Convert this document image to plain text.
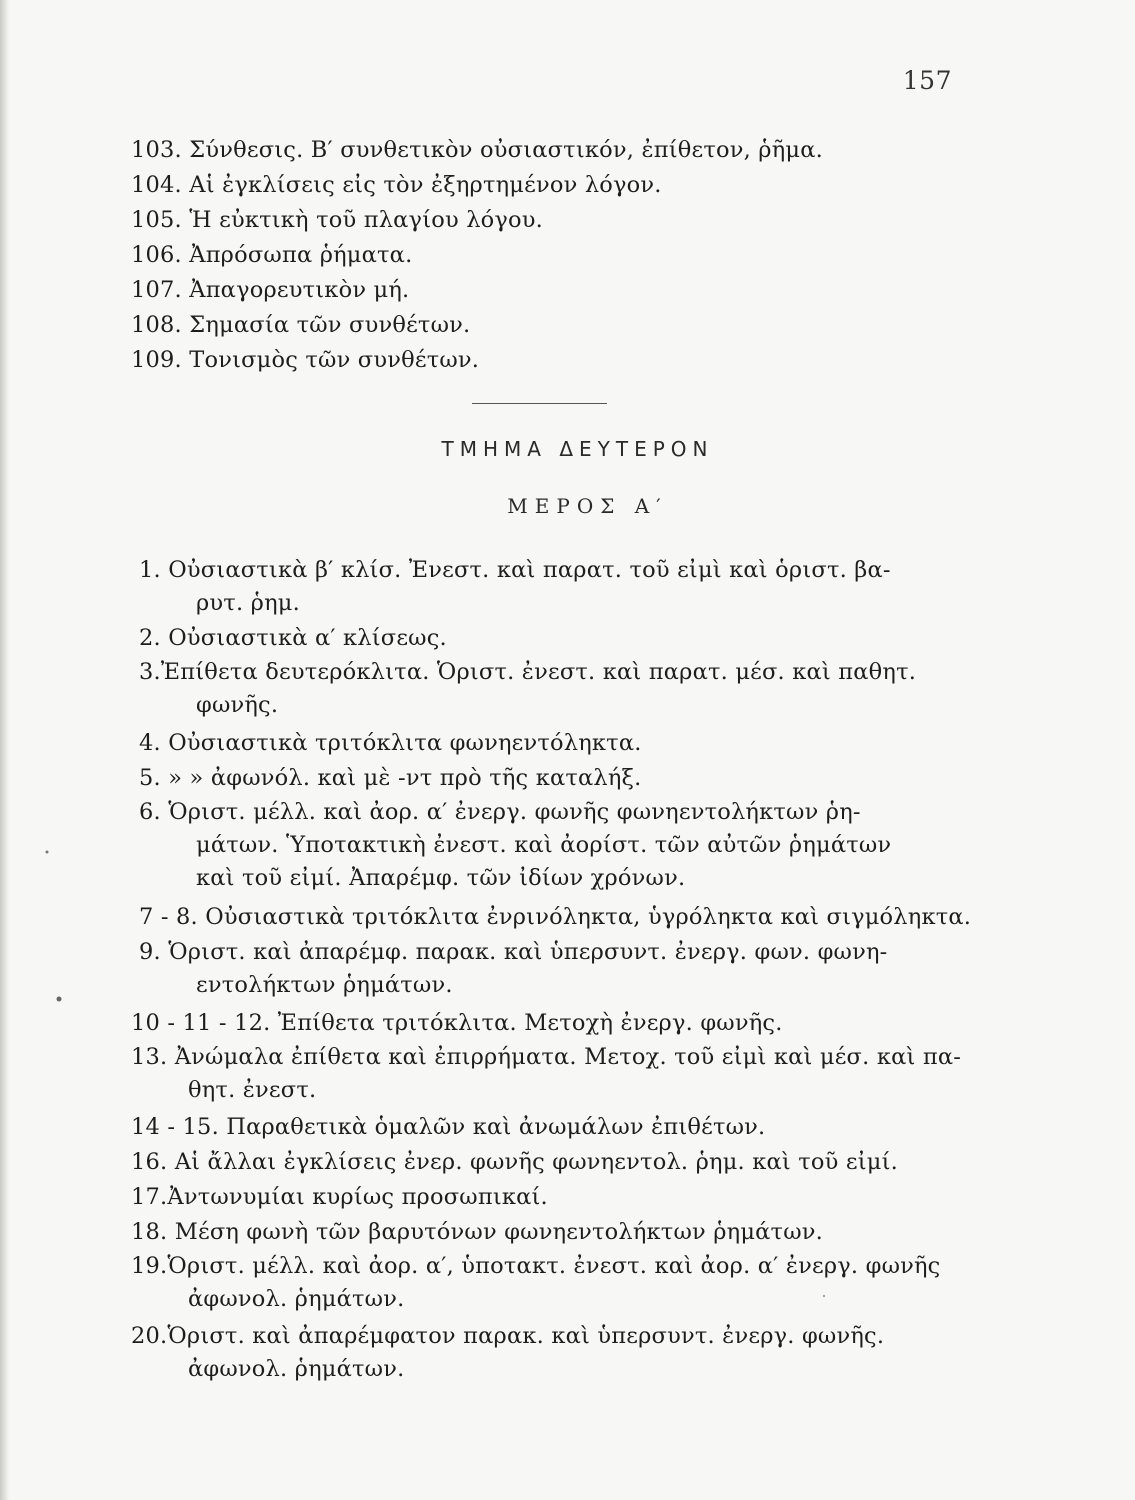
157
103. Σύνθεσις. Β′ συνθετικὸν οὐσιαστικόν, ἐπίθετον, ῥῆμα.
104. Αἱ ἐγκλίσεις εἰς τὸν ἐξηρτημένον λόγον.
105. Ἡ εὐκτικὴ τοῦ πλαγίου λόγου.
106. Ἀπρόσωπα ῥήματα.
107. Ἀπαγορευτικὸν μή.
108. Σημασία τῶν συνθέτων.
109. Τονισμὸς τῶν συνθέτων.
ΤΜΗΜΑ ΔΕΥΤΕΡΟΝ
ΜΕΡΟΣ Α′
1. Οὐσιαστικὰ β′ κλίσ. Ἐνεστ. καὶ παρατ. τοῦ εἰμὶ καὶ ὁριστ. βα-
ρυτ. ῥημ.
2. Οὐσιαστικὰ α′ κλίσεως.
3.Ἐπίθετα δευτερόκλιτα. Ὁριστ. ἐνεστ. καὶ παρατ. μέσ. καὶ παθητ.
φωνῆς.
4. Οὐσιαστικὰ τριτόκλιτα φωνηεντόληκτα.
5. » » ἀφωνόλ. καὶ μὲ -ντ πρὸ τῆς καταλήξ.
6. Ὁριστ. μέλλ. καὶ ἀορ. α′ ἐνεργ. φωνῆς φωνηεντολήκτων ῥη-
μάτων. Ὑποτακτικὴ ἐνεστ. καὶ ἀορίστ. τῶν αὐτῶν ῥημάτων
καὶ τοῦ εἰμί. Ἀπαρέμφ. τῶν ἰδίων χρόνων.
7 - 8. Οὐσιαστικὰ τριτόκλιτα ἐνρινόληκτα, ὑγρόληκτα καὶ σιγμόληκτα.
9. Ὁριστ. καὶ ἀπαρέμφ. παρακ. καὶ ὑπερσυντ. ἐνεργ. φων. φωνη-
εντολήκτων ῥημάτων.
10 - 11 - 12. Ἐπίθετα τριτόκλιτα. Μετοχὴ ἐνεργ. φωνῆς.
13. Ἀνώμαλα ἐπίθετα καὶ ἐπιρρήματα. Μετοχ. τοῦ εἰμὶ καὶ μέσ. καὶ πα-
θητ. ἐνεστ.
14 - 15. Παραθετικὰ ὁμαλῶν καὶ ἀνωμάλων ἐπιθέτων.
16. Αἱ ἄλλαι ἐγκλίσεις ἐνερ. φωνῆς φωνηεντολ. ῥημ. καὶ τοῦ εἰμί.
17.Ἀντωνυμίαι κυρίως προσωπικαί.
18. Μέση φωνὴ τῶν βαρυτόνων φωνηεντολήκτων ῥημάτων.
19.Ὁριστ. μέλλ. καὶ ἀορ. α′, ὑποτακτ. ἐνεστ. καὶ ἀορ. α′ ἐνεργ. φωνῆς
ἀφωνολ. ῥημάτων.
20.Ὁριστ. καὶ ἀπαρέμφατον παρακ. καὶ ὑπερσυντ. ἐνεργ. φωνῆς.
ἀφωνολ. ῥημάτων.
